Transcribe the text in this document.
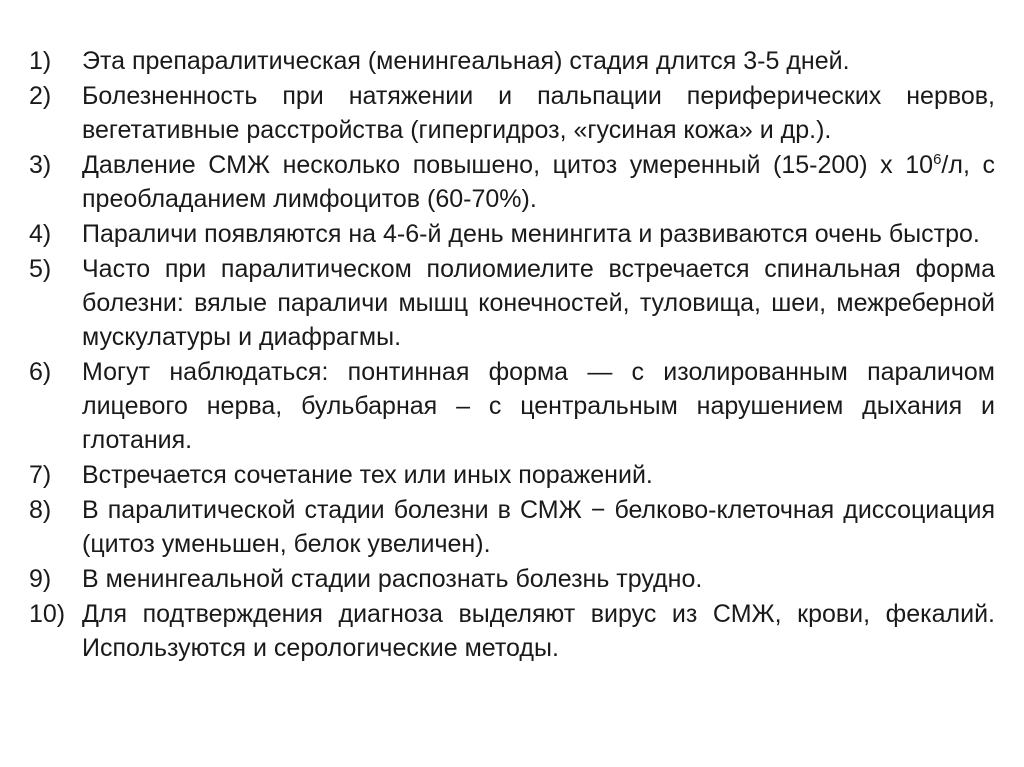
1) Эта препаралитическая (менингеальная) стадия длится 3-5 дней.
2) Болезненность при натяжении и пальпации периферических нервов, вегетативные расстройства (гипергидроз, «гусиная кожа» и др.).
3) Давление СМЖ несколько повышено, цитоз умеренный (15-200) х $10^6/л$, с преобладанием лимфоцитов (60-70%).
4) Параличи появляются на 4-6-й день менингита и развиваются очень быстро.
5) Часто при паралитическом полиомиелите встречается спинальная форма болезни: вялые параличи мышц конечностей, туловища, шеи, межреберной мускулатуры и диафрагмы.
6) Могут наблюдаться: понтинная форма — с изолированным параличом лицевого нерва, бульбарная – с центральным нарушением дыхания и глотания.
7) Встречается сочетание тех или иных поражений.
8) В паралитической стадии болезни в СМЖ − белково-клеточная диссоциация (цитоз уменьшен, белок увеличен).
9) В менингеальной стадии распознать болезнь трудно.
10) Для подтверждения диагноза выделяют вирус из СМЖ, крови, фекалий. Используются и серологические методы.
